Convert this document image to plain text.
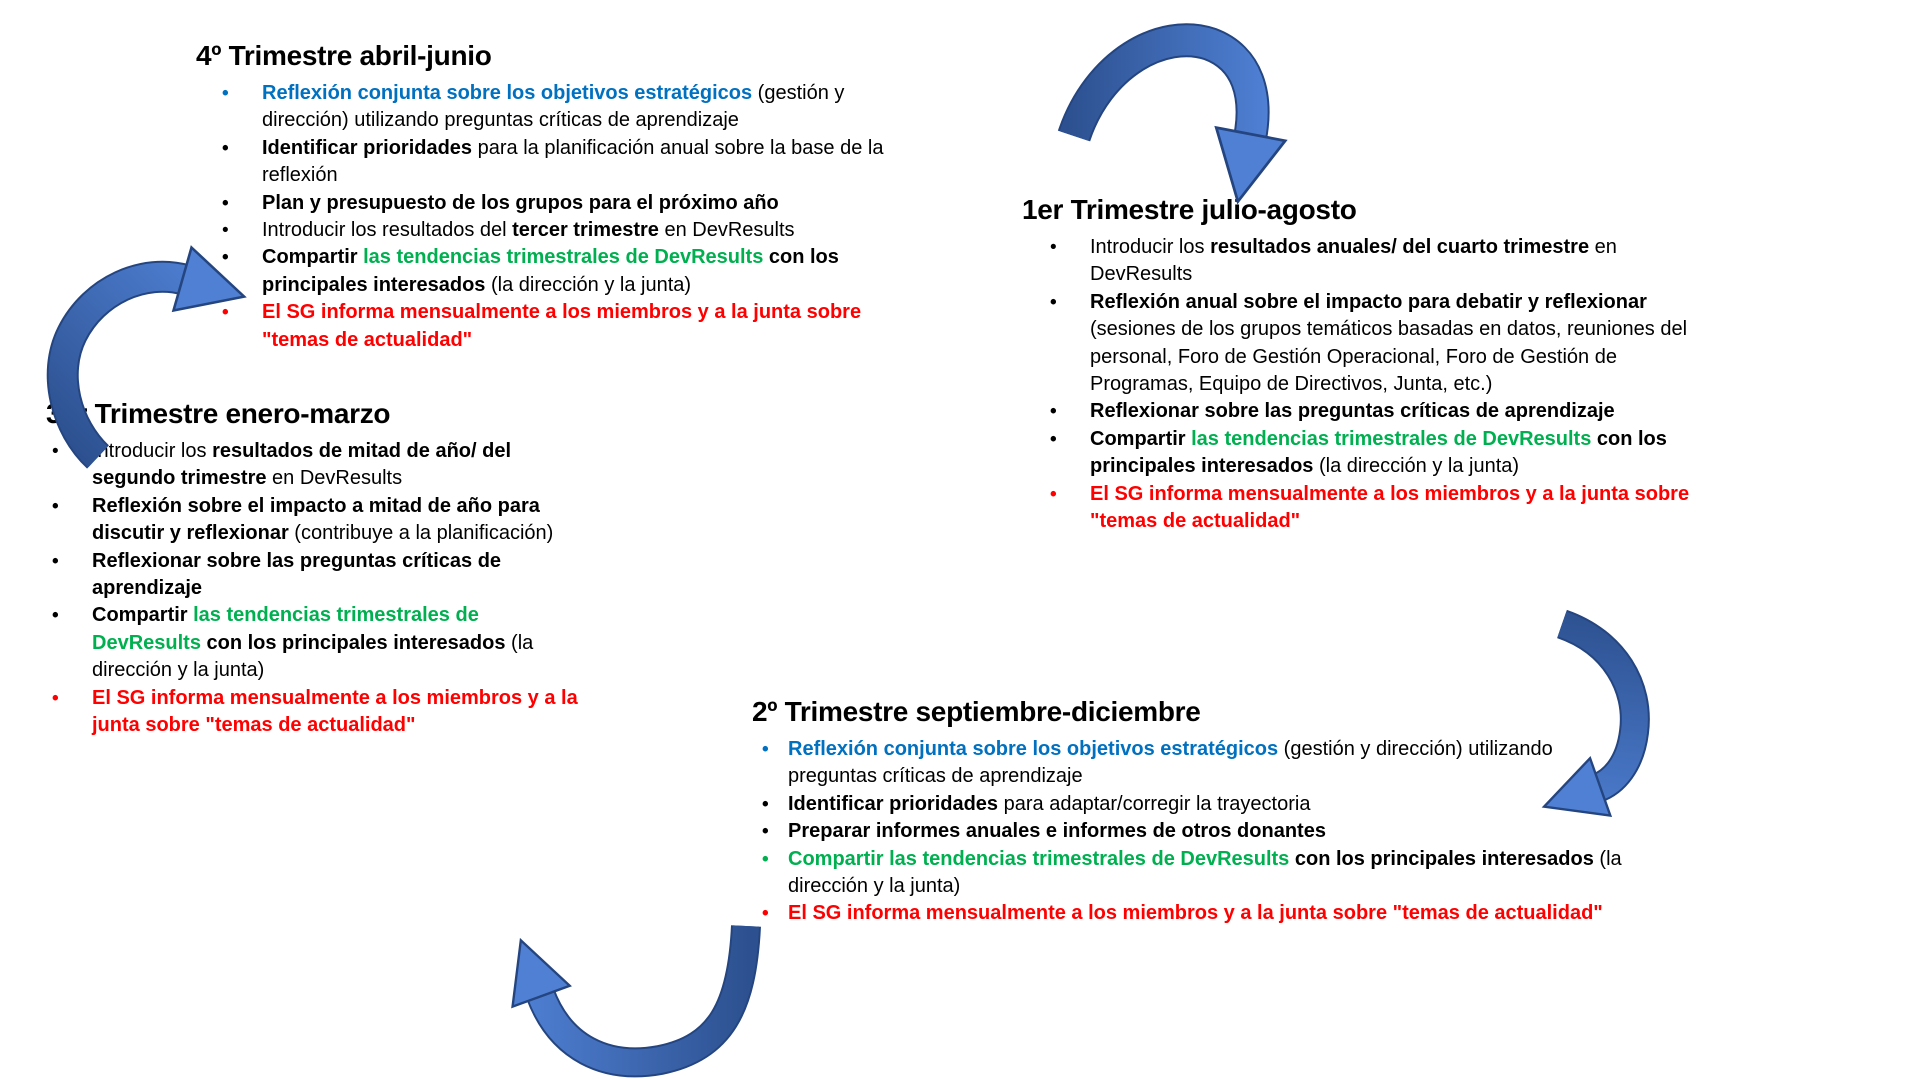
4º Trimestre abril-junio
• Reflexión conjunta sobre los objetivos estratégicos (gestión y dirección) utilizando preguntas críticas de aprendizaje
• Identificar prioridades para la planificación anual sobre la base de la reflexión
• Plan y presupuesto de los grupos para el próximo año
• Introducir los resultados del tercer trimestre en DevResults
• Compartir las tendencias trimestrales de DevResults con los principales interesados (la dirección y la junta)
• El SG informa mensualmente a los miembros y a la junta sobre "temas de actualidad"
1er Trimestre julio-agosto
• Introducir los resultados anuales/ del cuarto trimestre en DevResults
• Reflexión anual sobre el impacto para debatir y reflexionar (sesiones de los grupos temáticos basadas en datos, reuniones del personal, Foro de Gestión Operacional, Foro de Gestión de Programas, Equipo de Directivos, Junta, etc.)
• Reflexionar sobre las preguntas críticas de aprendizaje
• Compartir las tendencias trimestrales de DevResults con los principales interesados (la dirección y la junta)
• El SG informa mensualmente a los miembros y a la junta sobre "temas de actualidad"
3er Trimestre enero-marzo
• Introducir los resultados de mitad de año/ del segundo trimestre en DevResults
• Reflexión sobre el impacto a mitad de año para discutir y reflexionar (contribuye a la planificación)
• Reflexionar sobre las preguntas críticas de aprendizaje
• Compartir las tendencias trimestrales de DevResults con los principales interesados (la dirección y la junta)
• El SG informa mensualmente a los miembros y a la junta sobre "temas de actualidad"	2º Trimestre septiembre-diciembre
• Reflexión conjunta sobre los objetivos estratégicos (gestión y dirección) utilizando preguntas críticas de aprendizaje
• Identificar prioridades para adaptar/corregir la trayectoria
• Preparar informes anuales e informes de otros donantes
• Compartir las tendencias trimestrales de DevResults con los principales interesados (la dirección y la junta)
• El SG informa mensualmente a los miembros y a la junta sobre "temas de actualidad"
